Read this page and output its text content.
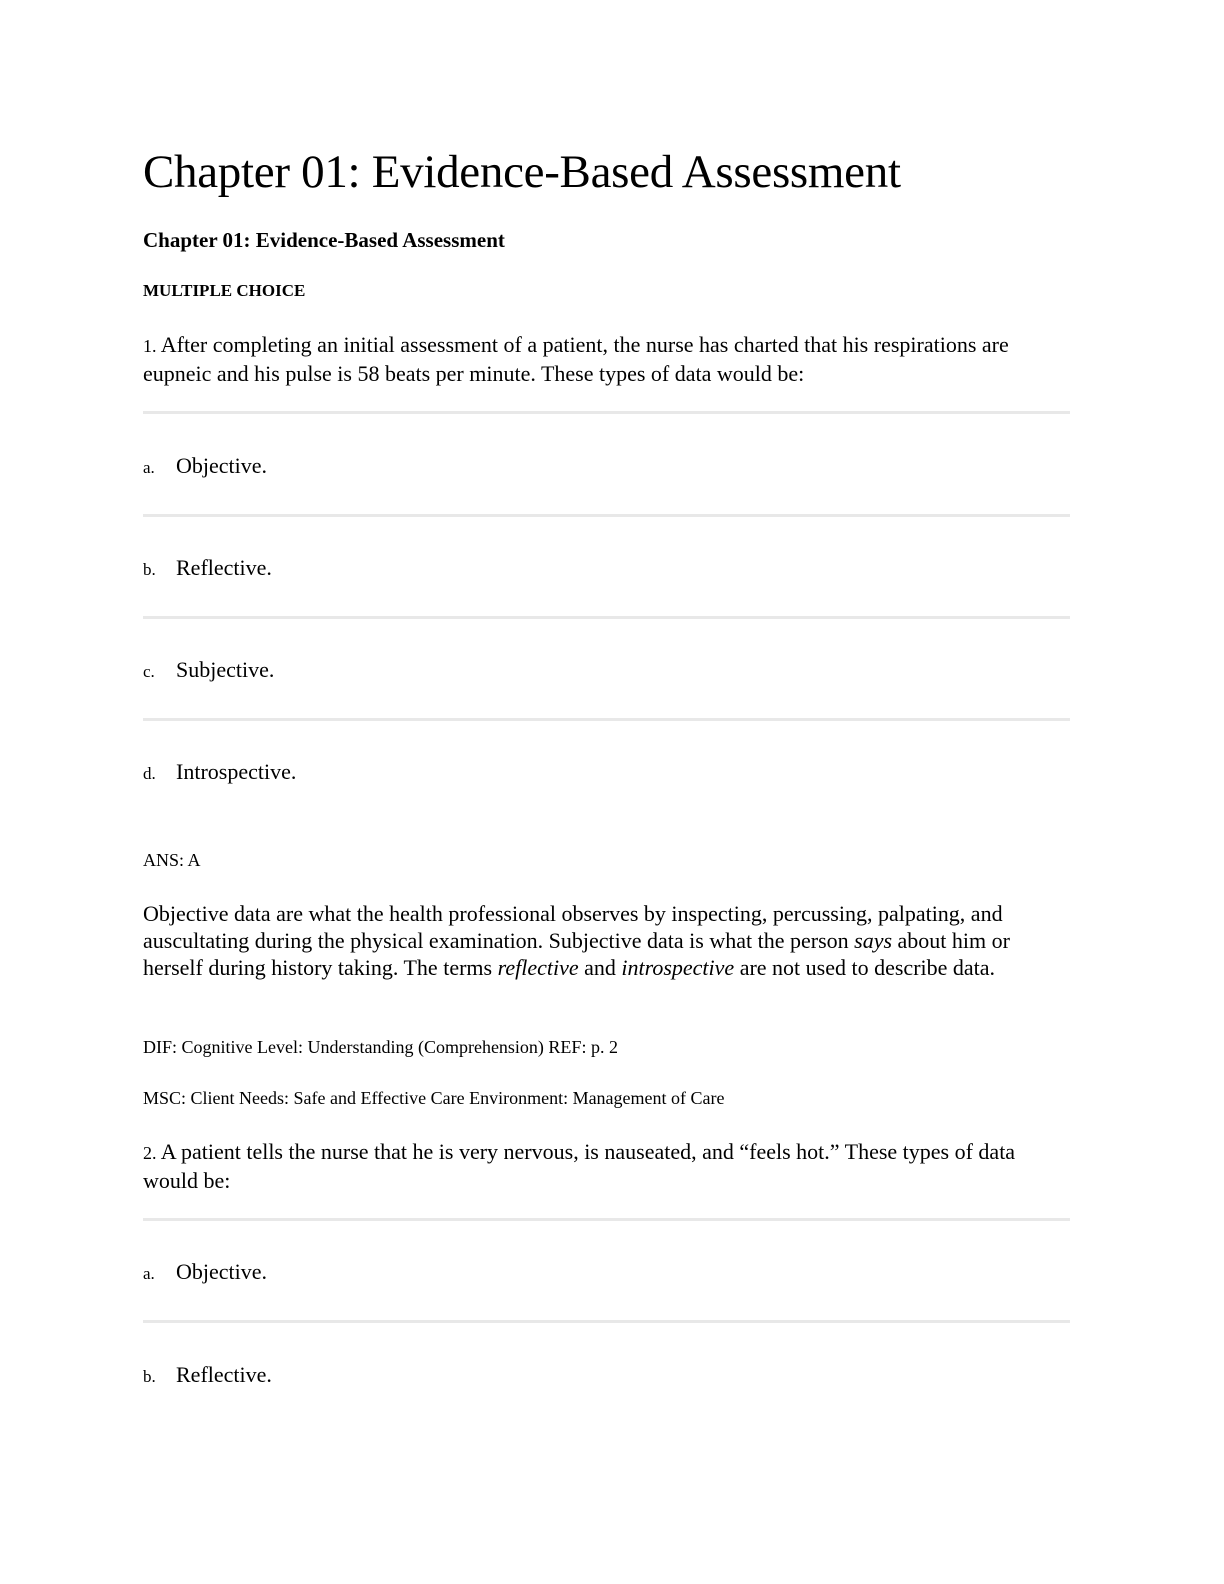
Chapter 01: Evidence-Based Assessment
Chapter 01: Evidence-Based Assessment
MULTIPLE CHOICE
1. After completing an initial assessment of a patient, the nurse has charted that his respirations are eupneic and his pulse is 58 beats per minute. These types of data would be:
a. Objective.
b. Reflective.
c. Subjective.
d. Introspective.
ANS: A
Objective data are what the health professional observes by inspecting, percussing, palpating, and auscultating during the physical examination. Subjective data is what the person says about him or herself during history taking. The terms reflective and introspective are not used to describe data.
DIF: Cognitive Level: Understanding (Comprehension) REF: p. 2
MSC: Client Needs: Safe and Effective Care Environment: Management of Care
2. A patient tells the nurse that he is very nervous, is nauseated, and “feels hot.” These types of data would be:
a. Objective.
b. Reflective.
